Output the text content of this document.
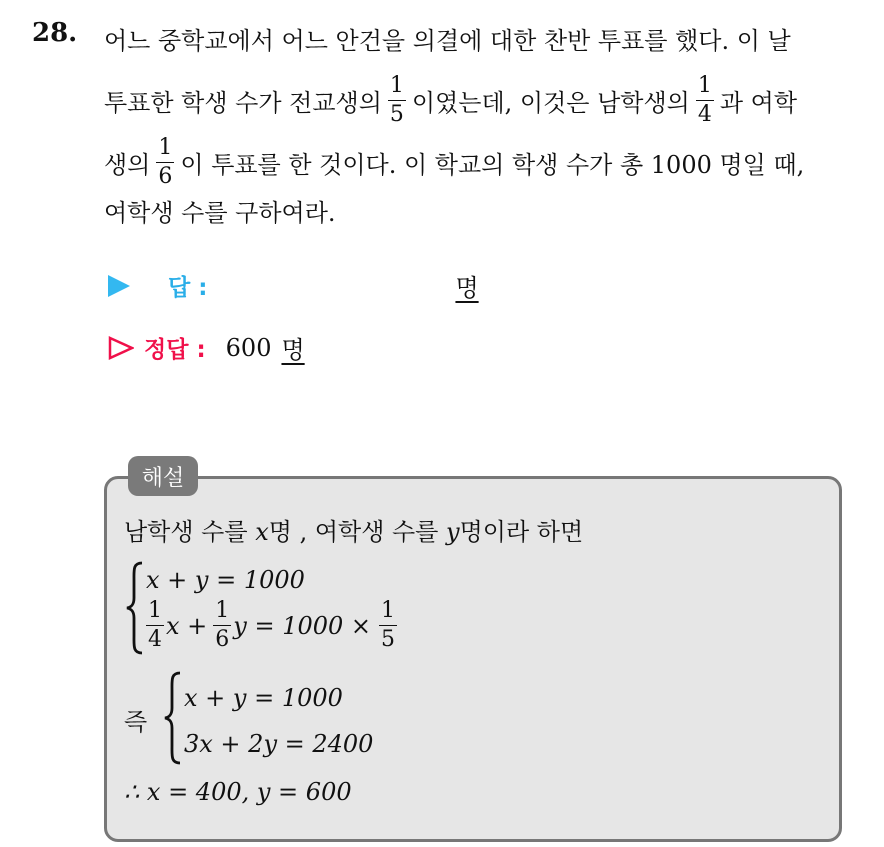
28. 어느 중학교에서 어느 안건을 의결에 대한 찬반 투표를 했다. 이 날
투표한 학생 수가 전교생의 $\frac{1}{5}$ 이였는데, 이것은 남학생의 $\frac{1}{4}$ 과 여학
생의 $\frac{1}{6}$ 이 투표를 한 것이다. 이 학교의 학생 수가 총 1000 명일 때,
여학생 수를 구하여라.
답 :	명
정답 : 600 명
해설
남학생 수를 x명 , 여학생 수를 y명이라 하면
x + y = 1000
$\frac{1}{4}$ $x + \frac{1}{6}$ $y = 1000 \times \frac{1}{5}$
즉
x + y = 1000
3x + 2y = 2400
∴ x = 400, y = 600
